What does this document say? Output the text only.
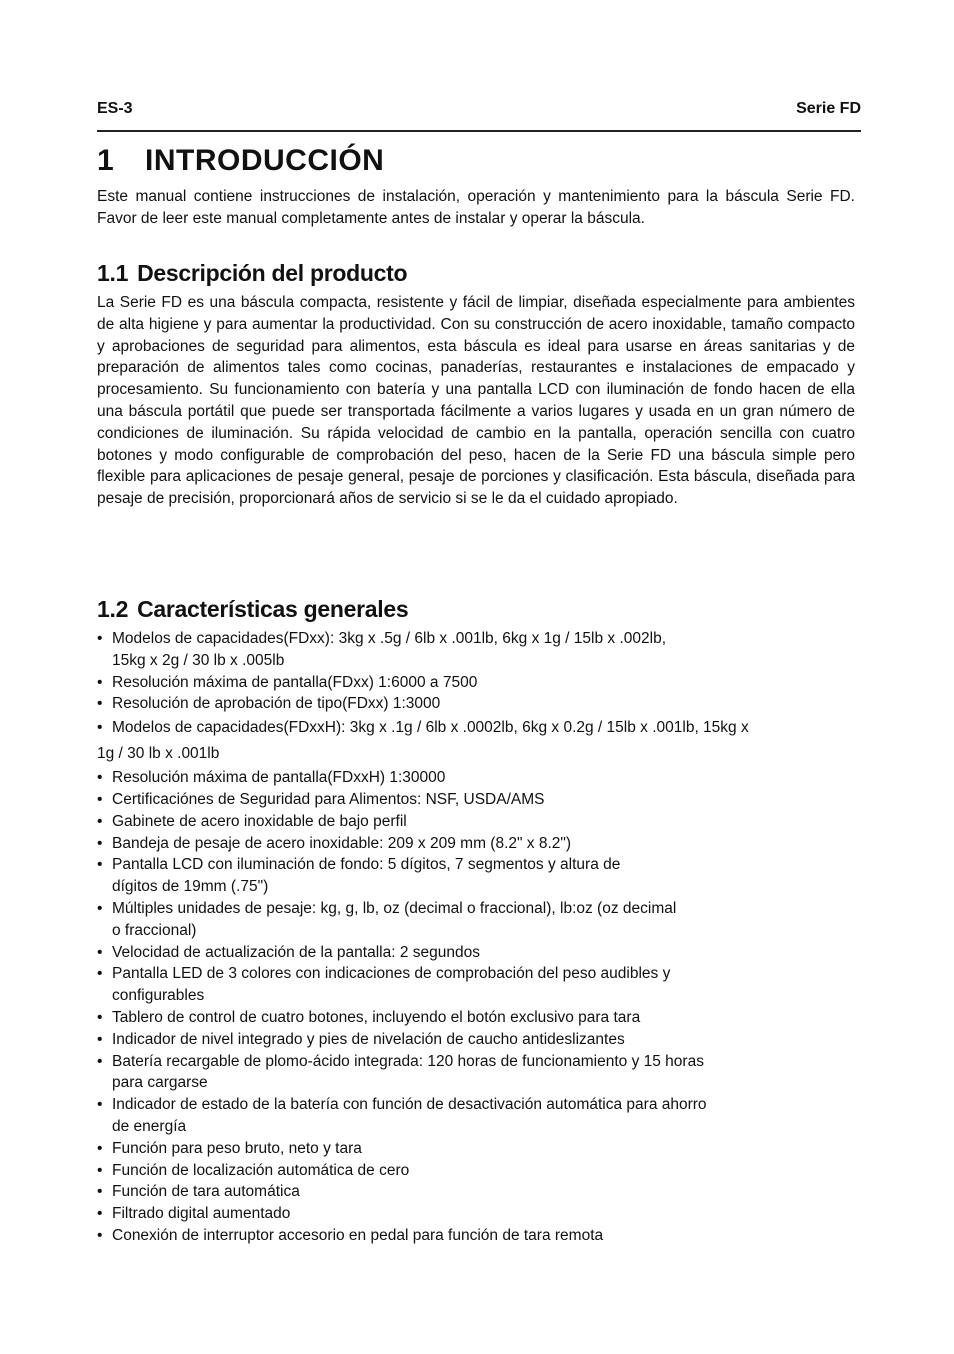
ES-3	Serie FD
1 INTRODUCCIÓN

Este manual contiene instrucciones de instalación, operación y mantenimiento para la báscula Serie FD. Favor de leer este manual completamente antes de instalar y operar la báscula.

1.1 Descripción del producto

La Serie FD es una báscula compacta, resistente y fácil de limpiar, diseñada especialmente para ambientes de alta higiene y para aumentar la productividad. Con su construcción de acero inoxidable, tamaño compacto y aprobaciones de seguridad para alimentos, esta báscula es ideal para usarse en áreas sanitarias y de preparación de alimentos tales como cocinas, panaderías, restaurantes e instalaciones de empacado y procesamiento. Su funcionamiento con batería y una pantalla LCD con iluminación de fondo hacen de ella una báscula portátil que puede ser transportada fácilmente a varios lugares y usada en un gran número de condiciones de iluminación. Su rápida velocidad de cambio en la pantalla, operación sencilla con cuatro botones y modo configurable de comprobación del peso, hacen de la Serie FD una báscula simple pero flexible para aplicaciones de pesaje general, pesaje de porciones y clasificación. Esta báscula, diseñada para pesaje de precisión, proporcionará años de servicio si se le da el cuidado apropiado.

1.2 Características generales
• Modelos de capacidades(FDxx): 3kg x .5g / 6lb x .001lb, 6kg x 1g / 15lb x .002lb,
15kg x 2g / 30 lb x .005lb
• Resolución máxima de pantalla(FDxx) 1:6000 a 7500
• Resolución de aprobación de tipo(FDxx) 1:3000
• Modelos de capacidades(FDxxH): 3kg x .1g / 6lb x .0002lb, 6kg x 0.2g / 15lb x .001lb, 15kg x
1g / 30 lb x .001lb
• Resolución máxima de pantalla(FDxxH) 1:30000
• Certificaciónes de Seguridad para Alimentos: NSF, USDA/AMS
• Gabinete de acero inoxidable de bajo perfil
• Bandeja de pesaje de acero inoxidable: 209 x 209 mm (8.2" x 8.2")
• Pantalla LCD con iluminación de fondo: 5 dígitos, 7 segmentos y altura de
dígitos de 19mm (.75")
• Múltiples unidades de pesaje: kg, g, lb, oz (decimal o fraccional), lb:oz (oz decimal
o fraccional)
• Velocidad de actualización de la pantalla: 2 segundos
• Pantalla LED de 3 colores con indicaciones de comprobación del peso audibles y
configurables
• Tablero de control de cuatro botones, incluyendo el botón exclusivo para tara
• Indicador de nivel integrado y pies de nivelación de caucho antideslizantes
• Batería recargable de plomo-ácido integrada: 120 horas de funcionamiento y 15 horas
para cargarse
• Indicador de estado de la batería con función de desactivación automática para ahorro
de energía
• Función para peso bruto, neto y tara
• Función de localización automática de cero
• Función de tara automática
• Filtrado digital aumentado
• Conexión de interruptor accesorio en pedal para función de tara remota
